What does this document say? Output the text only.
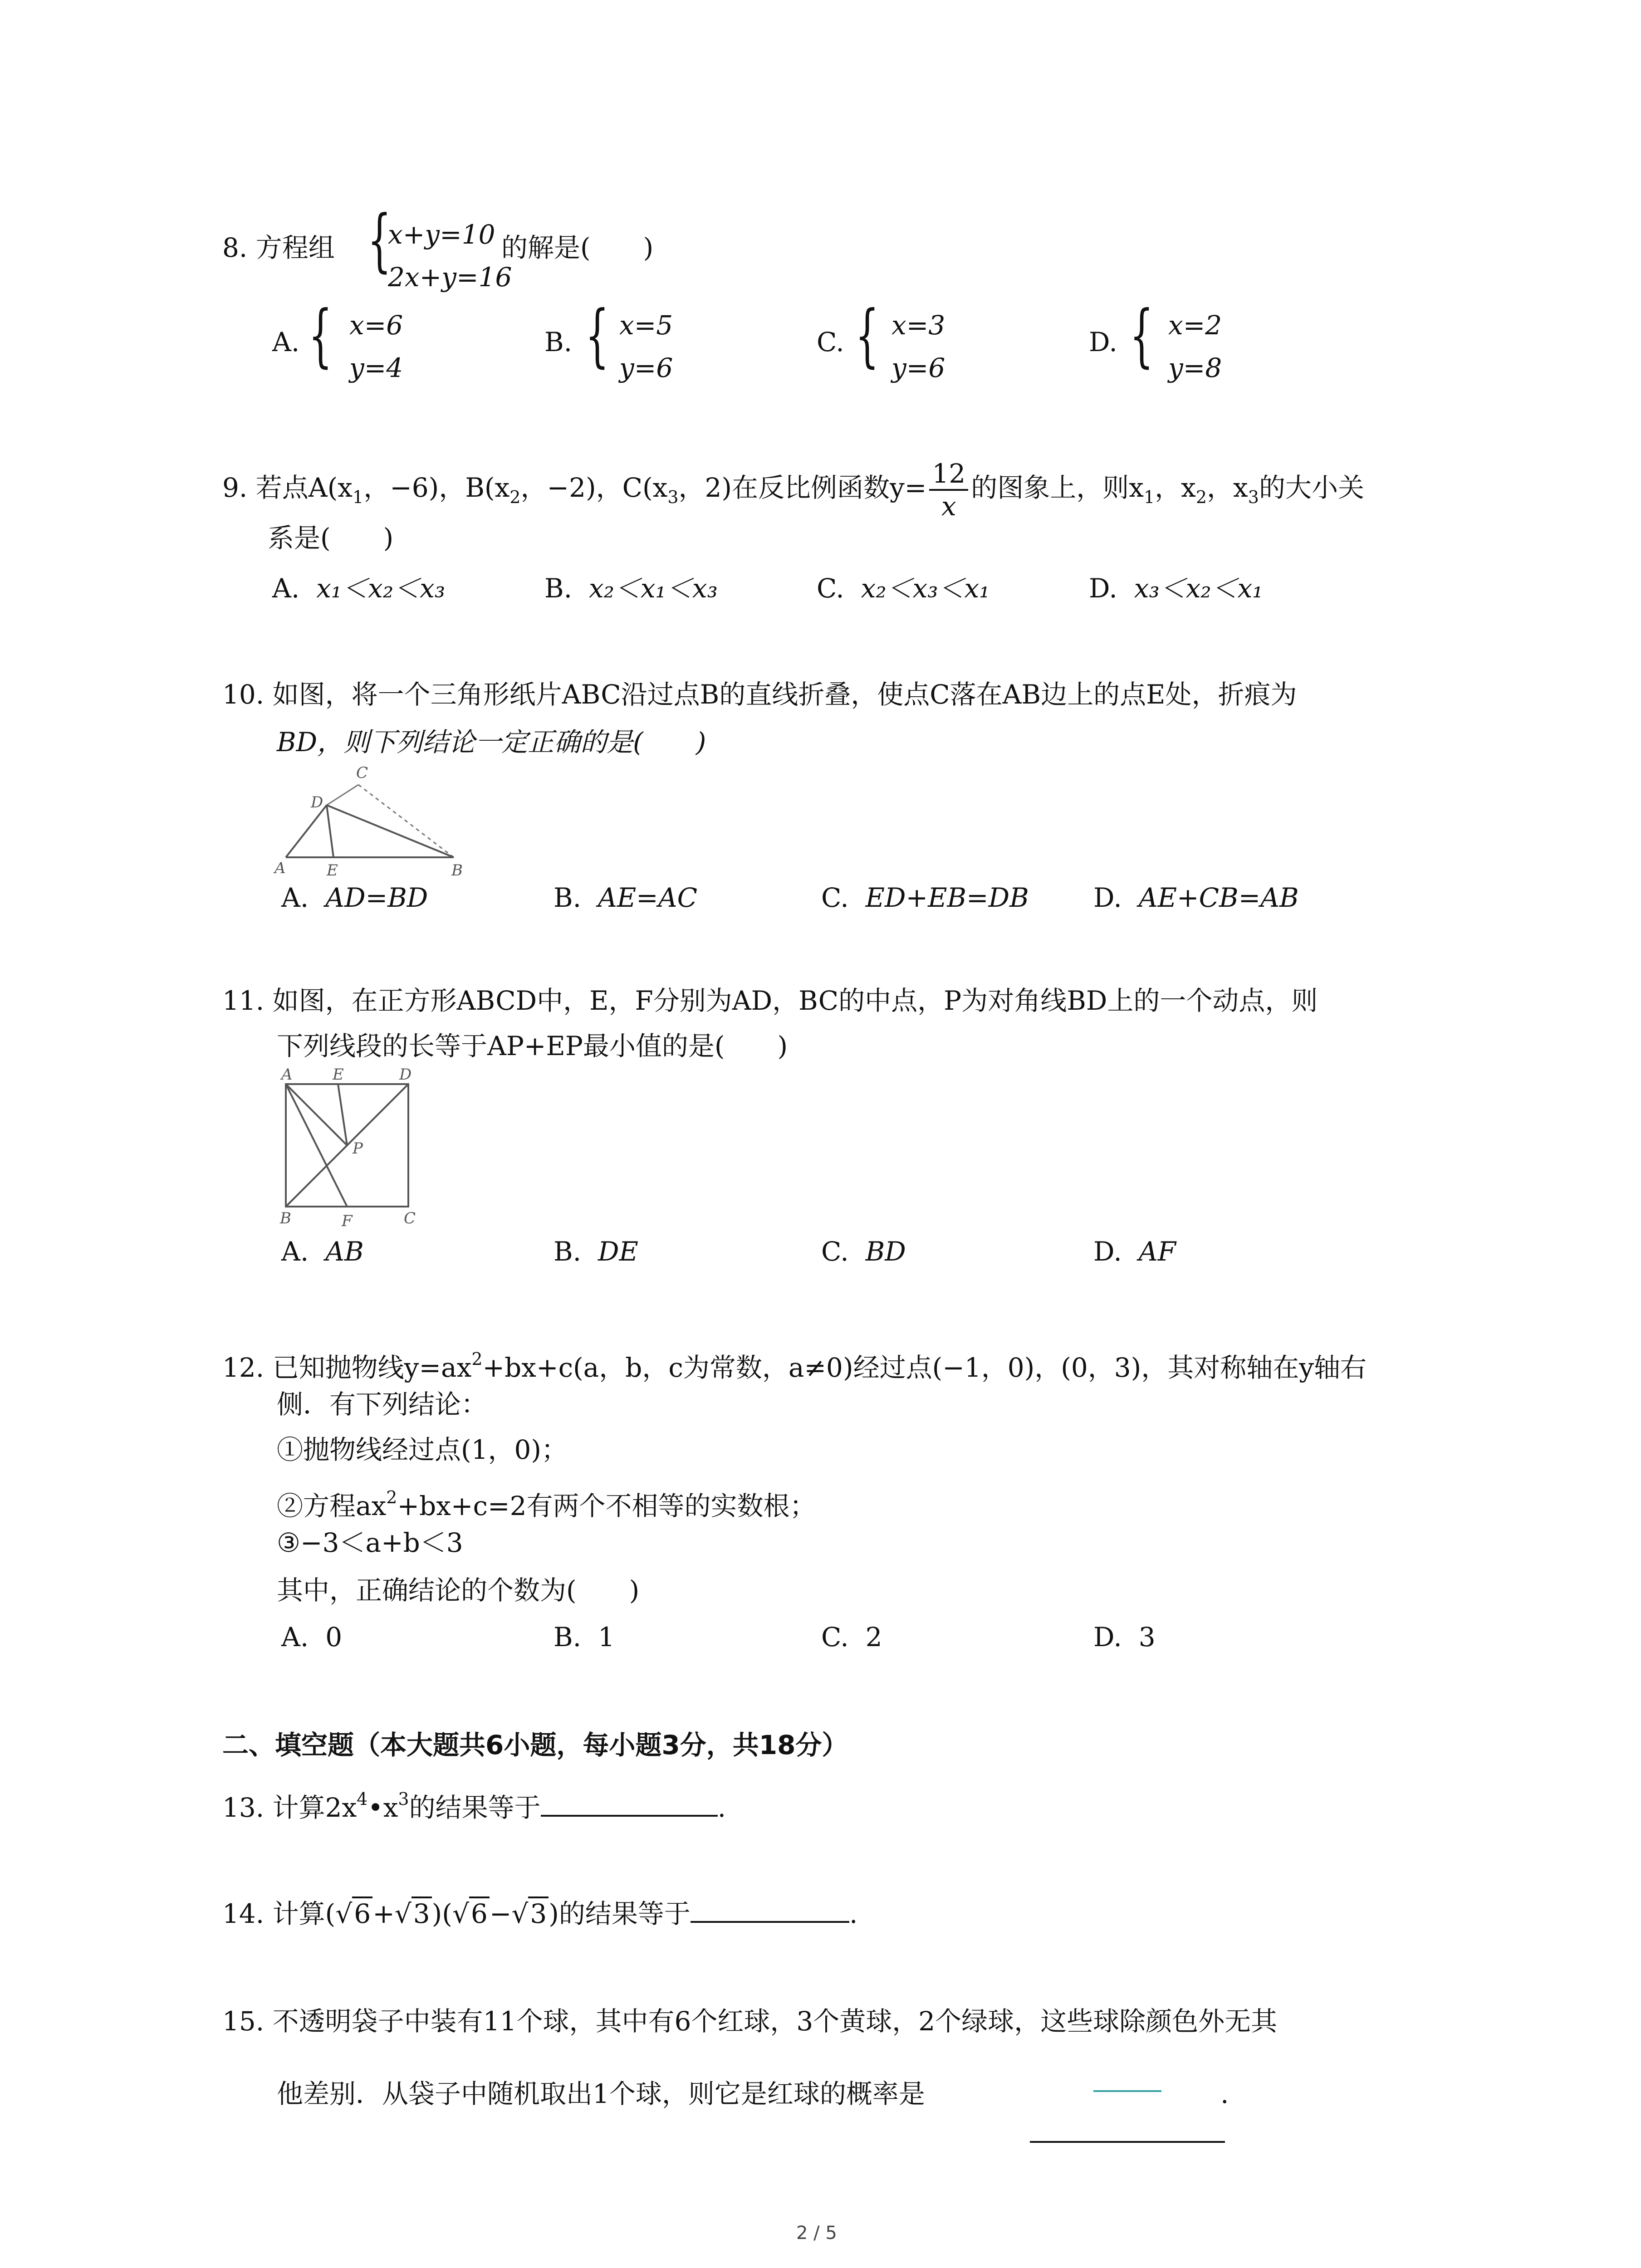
8. 方程组 {
x+y=10
2x+y=16
的解是(　　)
A. { x=6
y=4
B. { x=5
y=6
C. { x=3
y=6
D. { x=2
y=8
9. 若点$A(x_1$，−6)，$B(x_2$，−2)，$C(x_3$，2)在反比例函数$y= \frac{12}{x}$ 的图象上，则$x_1$，$x_2$，$x_3$的大小关
系是(　　)
A. x₁＜x₂＜x₃	B. x₂＜x₁＜x₃	C. x₂＜x₃＜x₁	D. x₃＜x₂＜x₁
10. 如图，将一个三角形纸片ABC沿过点B的直线折叠，使点C落在AB边上的点E处，折痕为
BD，则下列结论一定正确的是(　　)
A	E	B
D
C
A. AD=BD	B. AE=AC	C. ED+EB=DB D. AE+CB=AB
11. 如图，在正方形ABCD中，E，F分别为AD，BC的中点，P为对角线BD上的一个动点，则
下列线段的长等于AP+EP最小值的是(　　)
A	E	D
P
B	F	C
A. AB	B. DE	C. BD	D. AF
12. 已知抛物线$y=ax^2+bx+c(a$，b，c为常数，a≠0)经过点(−1，0)，(0，3)，其对称轴在y轴右
侧．有下列结论：
①抛物线经过点(1，0)；
②方程$ax^2+bx+c=2$有两个不相等的实数根；
③−3＜a+b＜3
其中，正确结论的个数为(　　)
A. 0	B. 1	C. 2	D. 3
二、填空题（本大题共6小题，每小题3分，共18分）
13. 计算$2x^4•x^3$的结果等于	.
14. 计算(√6+√3)(√6−√3)的结果等于	.
15. 不透明袋子中装有11个球，其中有6个红球，3个黄球，2个绿球，这些球除颜色外无其
他差别．从袋子中随机取出1个球，则它是红球的概率是	.
2 / 5
